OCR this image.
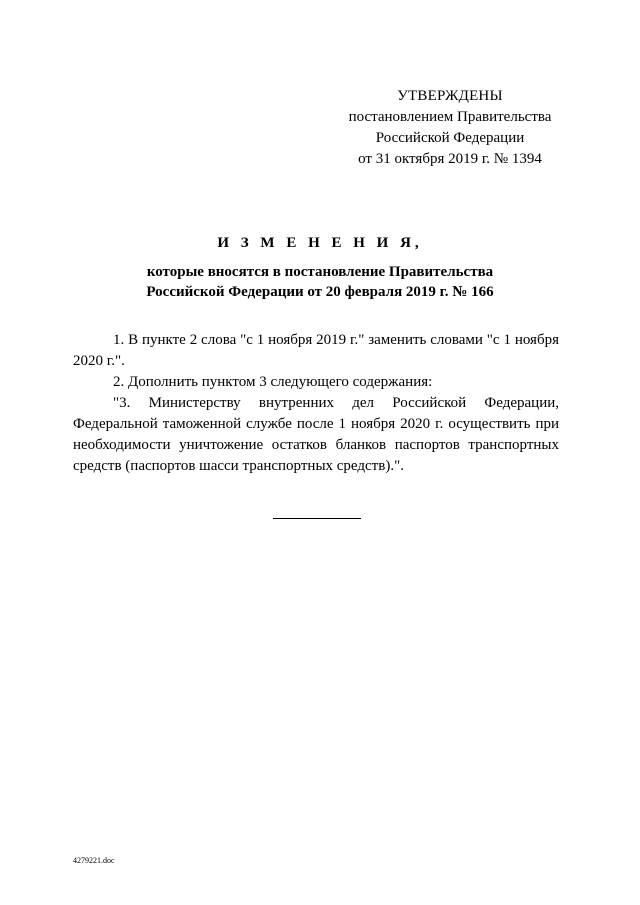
УТВЕРЖДЕНЫ
постановлением Правительства
Российской Федерации
от 31 октября 2019 г. № 1394
И З М Е Н Е Н И Я,
которые вносятся в постановление Правительства
Российской Федерации от 20 февраля 2019 г. № 166

1. В пункте 2 слова "с 1 ноября 2019 г." заменить словами "с 1 ноября 2020 г.".

2. Дополнить пунктом 3 следующего содержания:

"3. Министерству внутренних дел Российской Федерации, Федеральной таможенной службе после 1 ноября 2020 г. осуществить при необходимости уничтожение остатков бланков паспортов транспортных средств (паспортов шасси транспортных средств).".

4279221.doc
